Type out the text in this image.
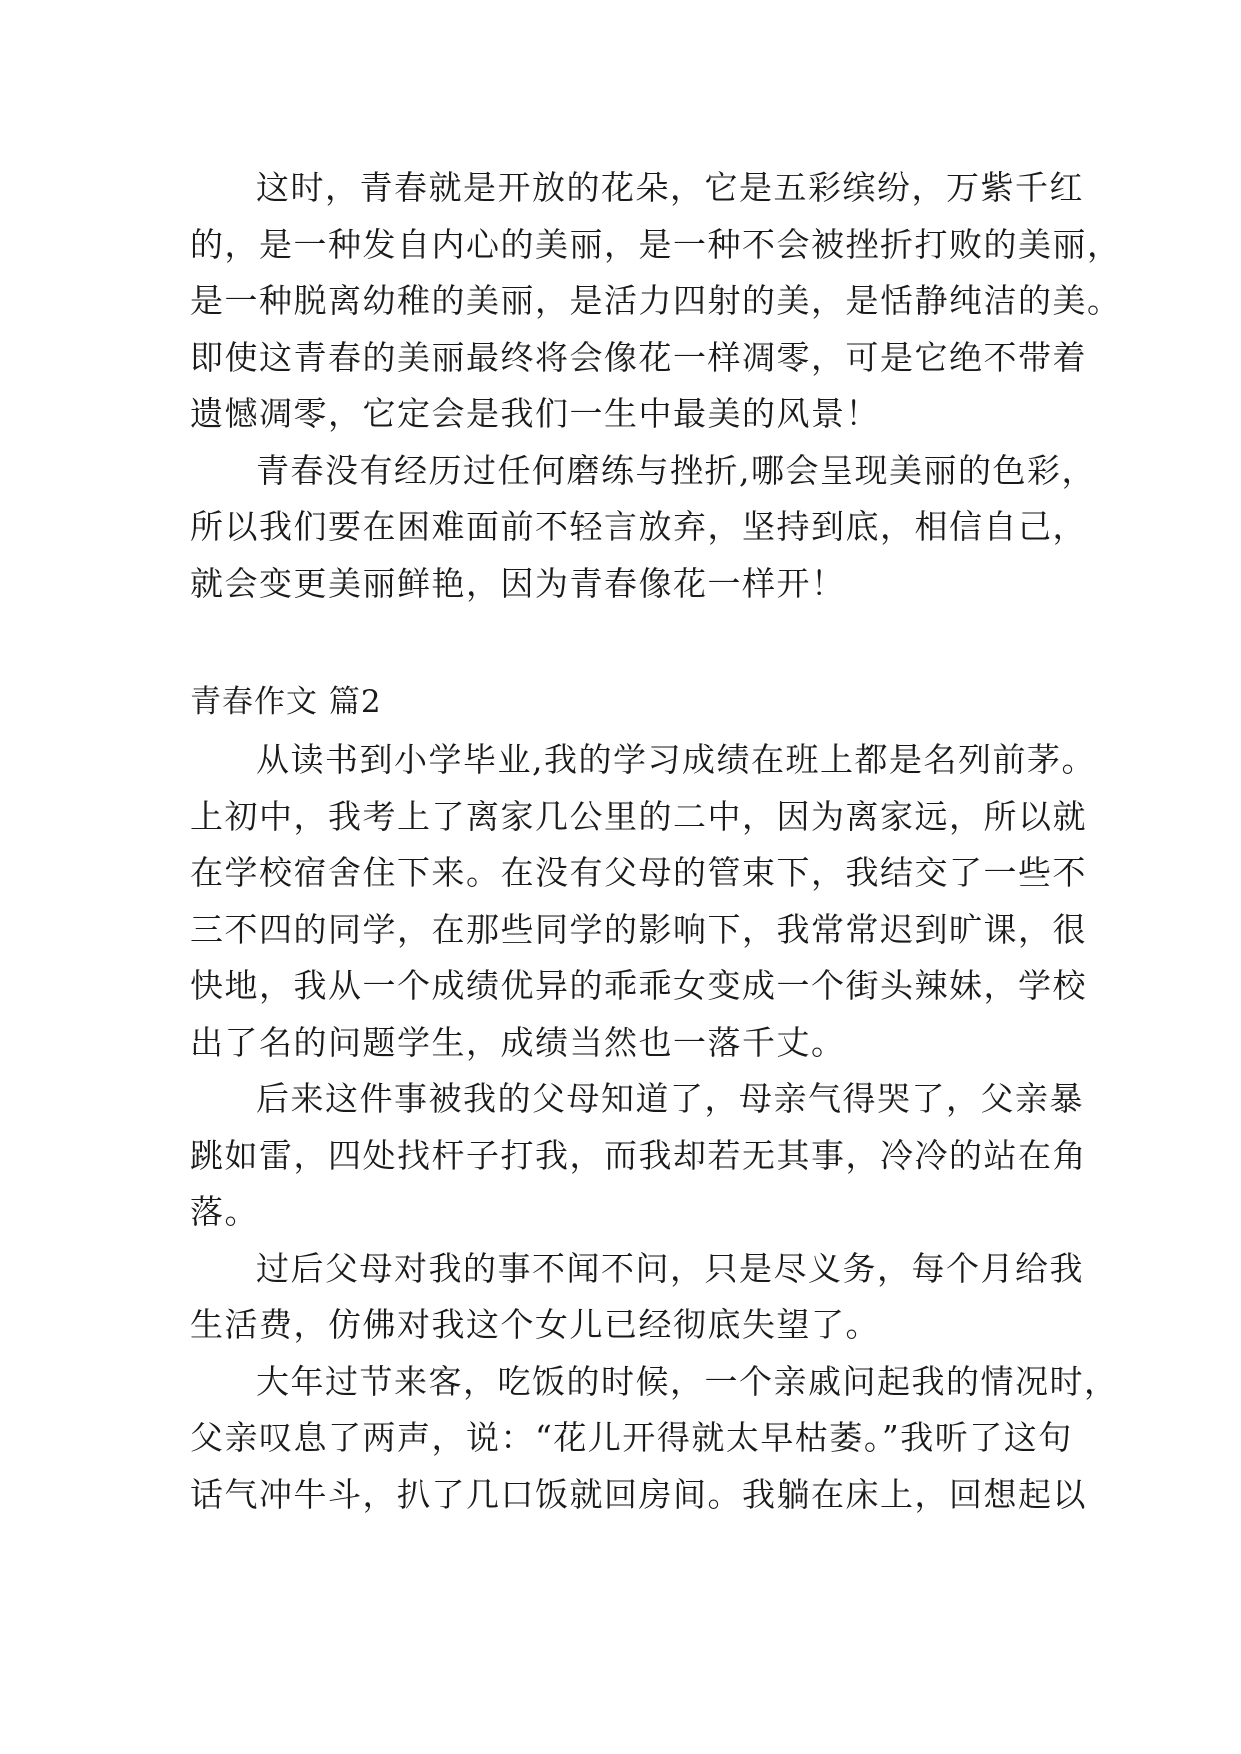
这时，青春就是开放的花朵，它是五彩缤纷，万紫千红
的，是一种发自内心的美丽，是一种不会被挫折打败的美丽，
是一种脱离幼稚的美丽，是活力四射的美，是恬静纯洁的美。
即使这青春的美丽最终将会像花一样凋零，可是它绝不带着
遗憾凋零，它定会是我们一生中最美的风景！
青春没有经历过任何磨练与挫折,哪会呈现美丽的色彩，
所以我们要在困难面前不轻言放弃，坚持到底，相信自己，
就会变更美丽鲜艳，因为青春像花一样开！
青春作文 篇2
从读书到小学毕业,我的学习成绩在班上都是名列前茅。
上初中，我考上了离家几公里的二中，因为离家远，所以就
在学校宿舍住下来。在没有父母的管束下，我结交了一些不
三不四的同学，在那些同学的影响下，我常常迟到旷课，很
快地，我从一个成绩优异的乖乖女变成一个街头辣妹，学校
出了名的问题学生，成绩当然也一落千丈。
后来这件事被我的父母知道了，母亲气得哭了，父亲暴
跳如雷，四处找杆子打我，而我却若无其事，冷冷的站在角
落。
过后父母对我的事不闻不问，只是尽义务，每个月给我
生活费，仿佛对我这个女儿已经彻底失望了。
大年过节来客，吃饭的时候，一个亲戚问起我的情况时，
父亲叹息了两声，说：“花儿开得就太早枯萎。”我听了这句
话气冲牛斗，扒了几口饭就回房间。我躺在床上，回想起以
